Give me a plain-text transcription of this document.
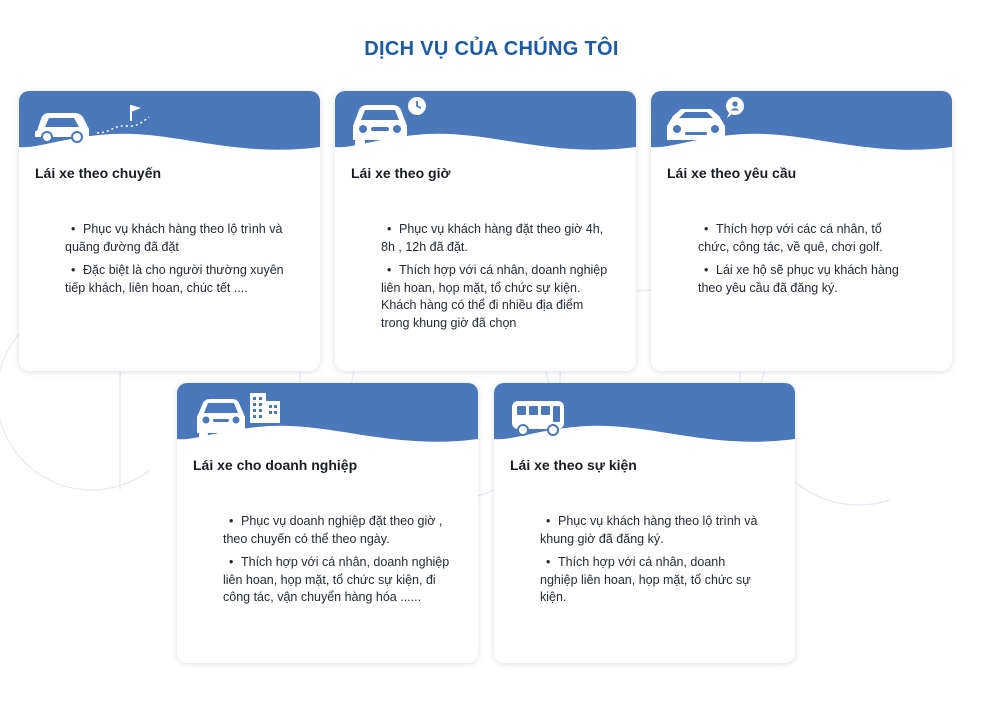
DỊCH VỤ CỦA CHÚNG TÔI
Lái xe theo chuyến
• Phục vụ khách hàng theo lộ trình và quãng đường đã đặt
• Đặc biệt là cho người thường xuyên tiếp khách, liên hoan, chúc tết ....
Lái xe theo giờ
• Phục vụ khách hàng đặt theo giờ 4h, 8h , 12h đã đặt.
• Thích hợp với cá nhân, doanh nghiệp liên hoan, họp mặt, tổ chức sự kiện. Khách hàng có thể đi nhiều địa điểm trong khung giờ đã chọn
Lái xe theo yêu cầu
• Thích hợp với các cá nhân, tổ chức, công tác, về quê, chơi golf.
• Lái xe hộ sẽ phục vụ khách hàng theo yêu cầu đã đăng ký.
Lái xe cho doanh nghiệp
• Phục vụ doanh nghiệp đặt theo giờ , theo chuyến có thể theo ngày.
• Thích hợp với cá nhân, doanh nghiệp liên hoan, họp mặt, tổ chức sự kiện, đi công tác, vận chuyển hàng hóa ......
Lái xe theo sự kiện
• Phục vụ khách hàng theo lộ trình và khung giờ đã đăng ký.
• Thích hợp với cá nhân, doanh nghiệp liên hoan, họp mặt, tổ chức sự kiện.
